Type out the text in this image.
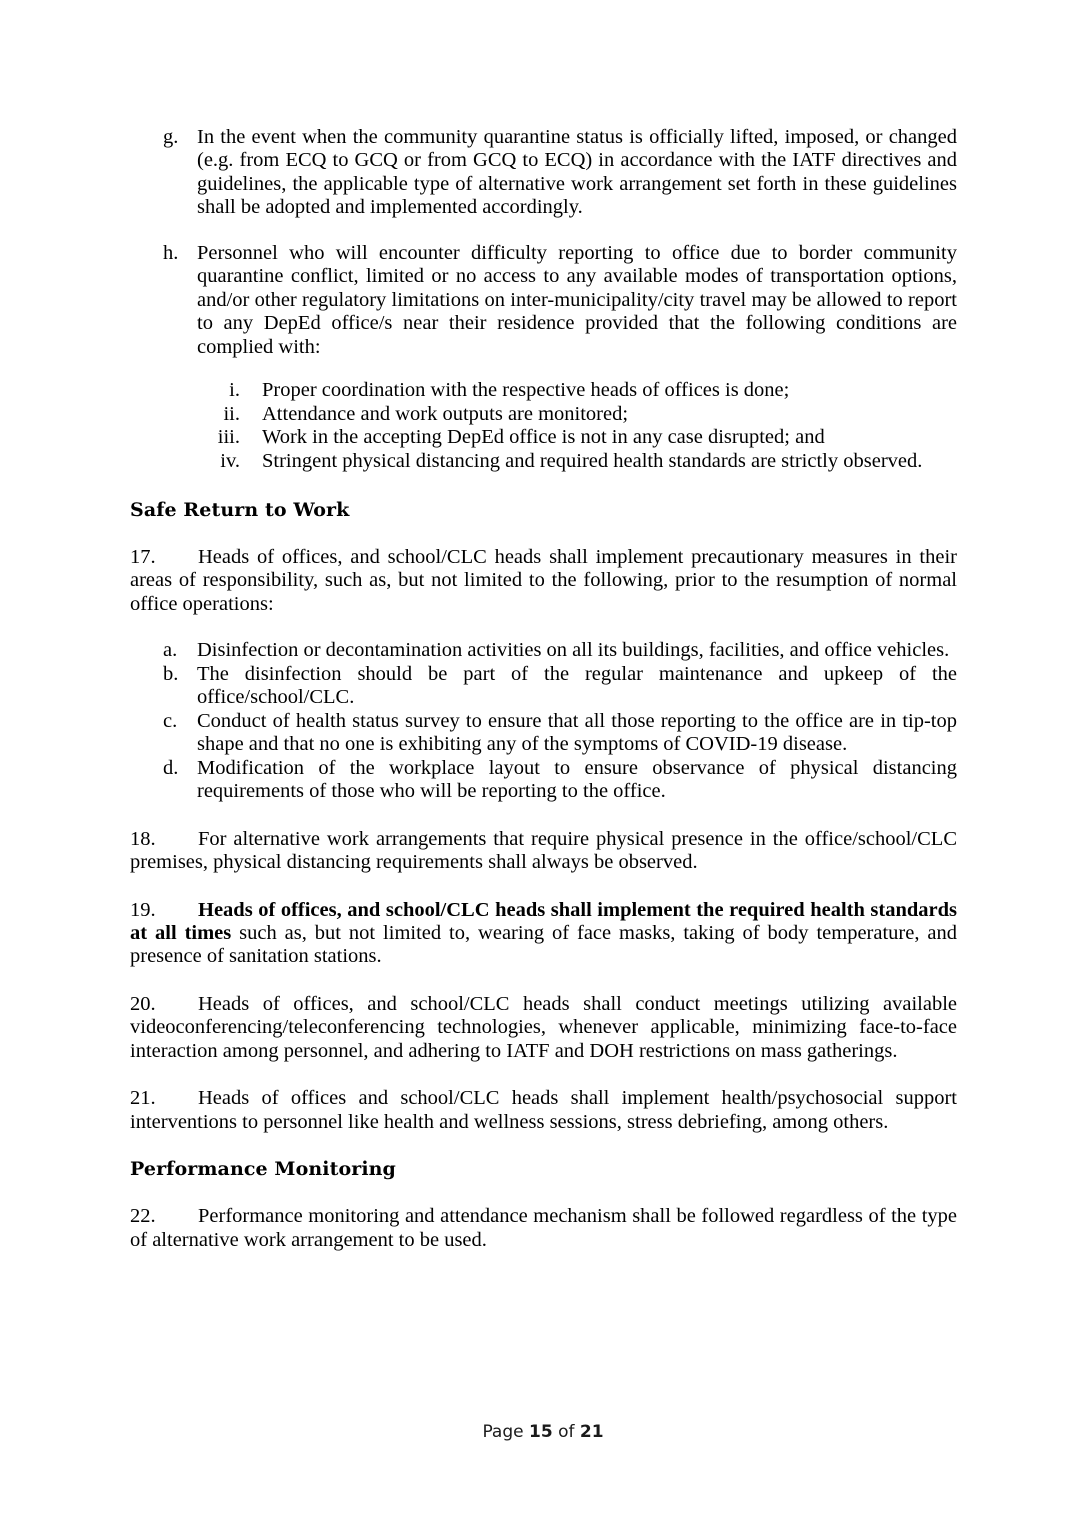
g. In the event when the community quarantine status is officially lifted, imposed, or changed (e.g. from ECQ to GCQ or from GCQ to ECQ) in accordance with the IATF directives and guidelines, the applicable type of alternative work arrangement set forth in these guidelines shall be adopted and implemented accordingly.
h. Personnel who will encounter difficulty reporting to office due to border community quarantine conflict, limited or no access to any available modes of transportation options, and/or other regulatory limitations on inter-municipality/city travel may be allowed to report to any DepEd office/s near their residence provided that the following conditions are complied with:
i. Proper coordination with the respective heads of offices is done;
ii. Attendance and work outputs are monitored;
iii. Work in the accepting DepEd office is not in any case disrupted; and
iv. Stringent physical distancing and required health standards are strictly observed.
Safe Return to Work

17. Heads of offices, and school/CLC heads shall implement precautionary measures in their areas of responsibility, such as, but not limited to the following, prior to the resumption of normal office operations:

a. Disinfection or decontamination activities on all its buildings, facilities, and office vehicles.
b. The disinfection should be part of the regular maintenance and upkeep of the office/school/CLC.
c. Conduct of health status survey to ensure that all those reporting to the office are in tip-top shape and that no one is exhibiting any of the symptoms of COVID-19 disease.
d. Modification of the workplace layout to ensure observance of physical distancing requirements of those who will be reporting to the office.

18. For alternative work arrangements that require physical presence in the office/school/CLC premises, physical distancing requirements shall always be observed.

19. Heads of offices, and school/CLC heads shall implement the required health standards at all times such as, but not limited to, wearing of face masks, taking of body temperature, and presence of sanitation stations.

20. Heads of offices, and school/CLC heads shall conduct meetings utilizing available videoconferencing/teleconferencing technologies, whenever applicable, minimizing face-to-face interaction among personnel, and adhering to IATF and DOH restrictions on mass gatherings.

21. Heads of offices and school/CLC heads shall implement health/psychosocial support interventions to personnel like health and wellness sessions, stress debriefing, among others.

Performance Monitoring

22. Performance monitoring and attendance mechanism shall be followed regardless of the type of alternative work arrangement to be used.

Page 15 of 21
